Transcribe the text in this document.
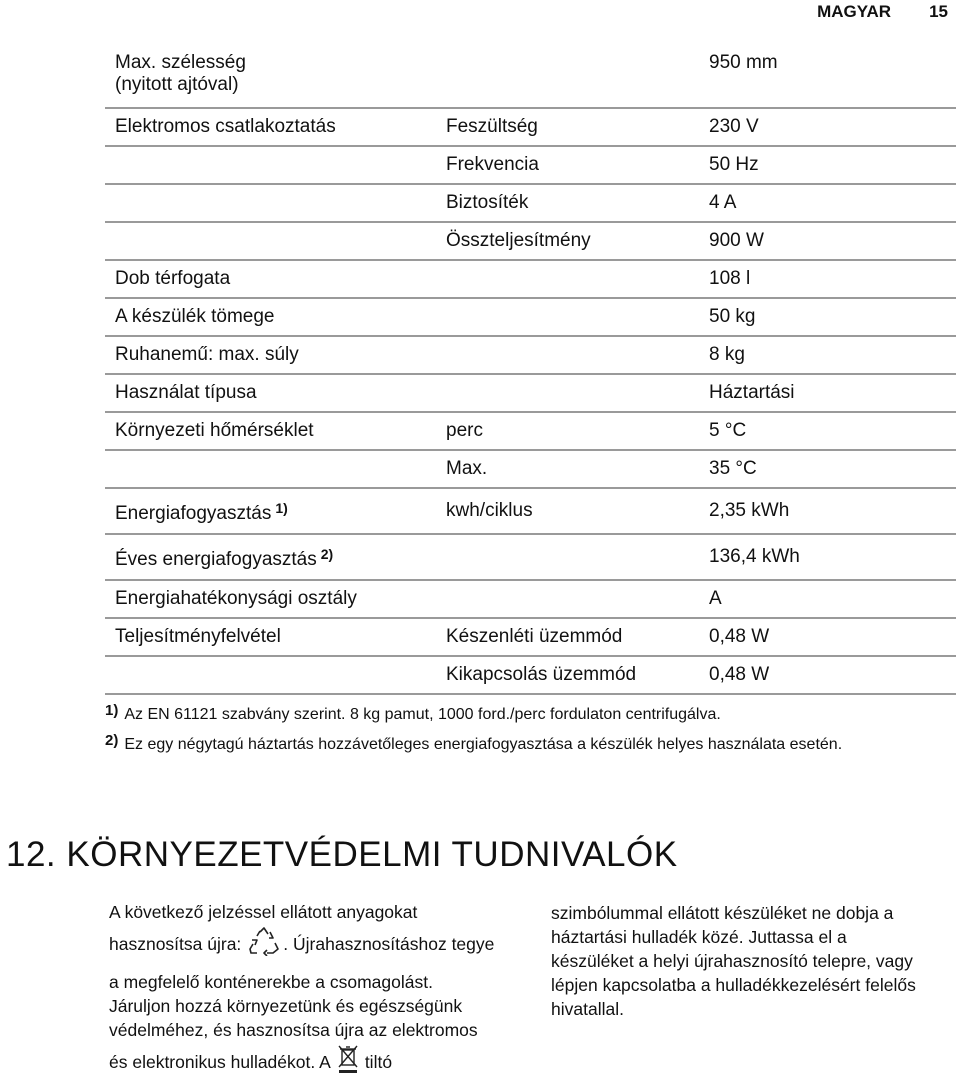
MAGYAR 15
Max. szélesség (nyitott ajtóval)		950 mm
Elektromos csatlakoztatás	Feszültség	230 V
	Frekvencia	50 Hz
	Biztosíték	4 A
	Összteljesítmény	900 W
Dob térfogata		108 l
A készülék tömege		50 kg
Ruhanemű: max. súly		8 kg
Használat típusa		Háztartási
Környezeti hőmérséklet	perc	5 °C
	Max.	35 °C
Energiafogyasztás $^{1)}$	kwh/ciklus	2,35 kWh
Éves energiafogyasztás $^{2)}$		136,4 kWh
Energiahatékonysági osztály		A
Teljesítményfelvétel	Készenléti üzemmód	0,48 W
	Kikapcsolás üzemmód	0,48 W
1) Az EN 61121 szabvány szerint. 8 kg pamut, 1000 ford./perc fordulaton centrifugálva.
2) Ez egy négytagú háztartás hozzávetőleges energiafogyasztása a készülék helyes használata esetén.
12. KÖRNYEZETVÉDELMI TUDNIVALÓK
A következő jelzéssel ellátott anyagokat
hasznosítsa újra: . Újrahasznosításhoz tegye
a megfelelő konténerekbe a csomagolást.
Járuljon hozzá környezetünk és egészségünk
védelméhez, és hasznosítsa újra az elektromos
és elektronikus hulladékot. A tiltó
szimbólummal ellátott készüléket ne dobja a
háztartási hulladék közé. Juttassa el a
készüléket a helyi újrahasznosító telepre, vagy
lépjen kapcsolatba a hulladékkezelésért felelős
hivatallal.
